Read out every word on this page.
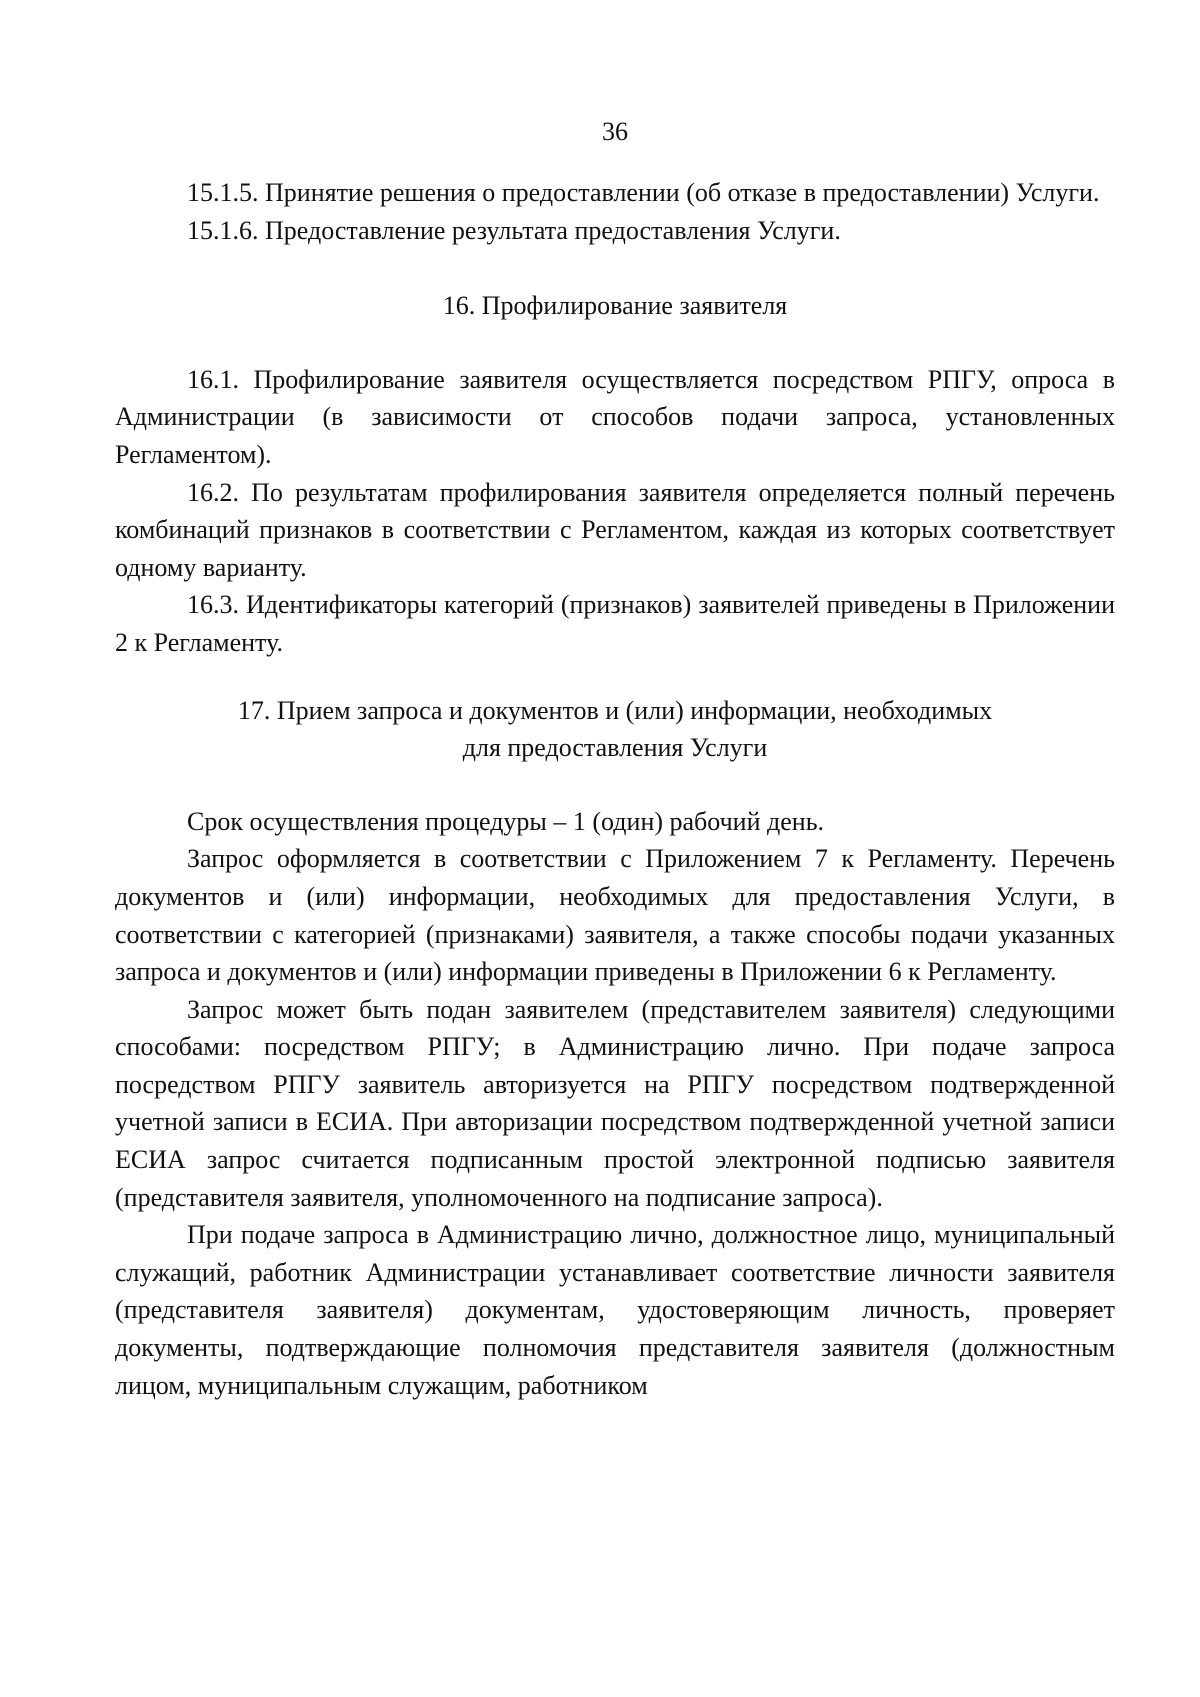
36

15.1.5. Принятие решения о предоставлении (об отказе в предоставлении) Услуги.

15.1.6. Предоставление результата предоставления Услуги.

16. Профилирование заявителя

16.1. Профилирование заявителя осуществляется посредством РПГУ, опроса в Администрации (в зависимости от способов подачи запроса, установленных Регламентом).

16.2. По результатам профилирования заявителя определяется полный перечень комбинаций признаков в соответствии с Регламентом, каждая из которых соответствует одному варианту.

16.3. Идентификаторы категорий (признаков) заявителей приведены в Приложении 2 к Регламенту.

17. Прием запроса и документов и (или) информации, необходимых

для предоставления Услуги

Срок осуществления процедуры – 1 (один) рабочий день.

Запрос оформляется в соответствии с Приложением 7 к Регламенту. Перечень документов и (или) информации, необходимых для предоставления Услуги, в соответствии с категорией (признаками) заявителя, а также способы подачи указанных запроса и документов и (или) информации приведены в Приложении 6 к Регламенту.

Запрос может быть подан заявителем (представителем заявителя) следующими способами: посредством РПГУ; в Администрацию лично. При подаче запроса посредством РПГУ заявитель авторизуется на РПГУ посредством подтвержденной учетной записи в ЕСИА. При авторизации посредством подтвержденной учетной записи ЕСИА запрос считается подписанным простой электронной подписью заявителя (представителя заявителя, уполномоченного на подписание запроса).

При подаче запроса в Администрацию лично, должностное лицо, муниципальный служащий, работник Администрации устанавливает соответствие личности заявителя (представителя заявителя) документам, удостоверяющим личность, проверяет документы, подтверждающие полномочия представителя заявителя (должностным лицом, муниципальным служащим, работником
